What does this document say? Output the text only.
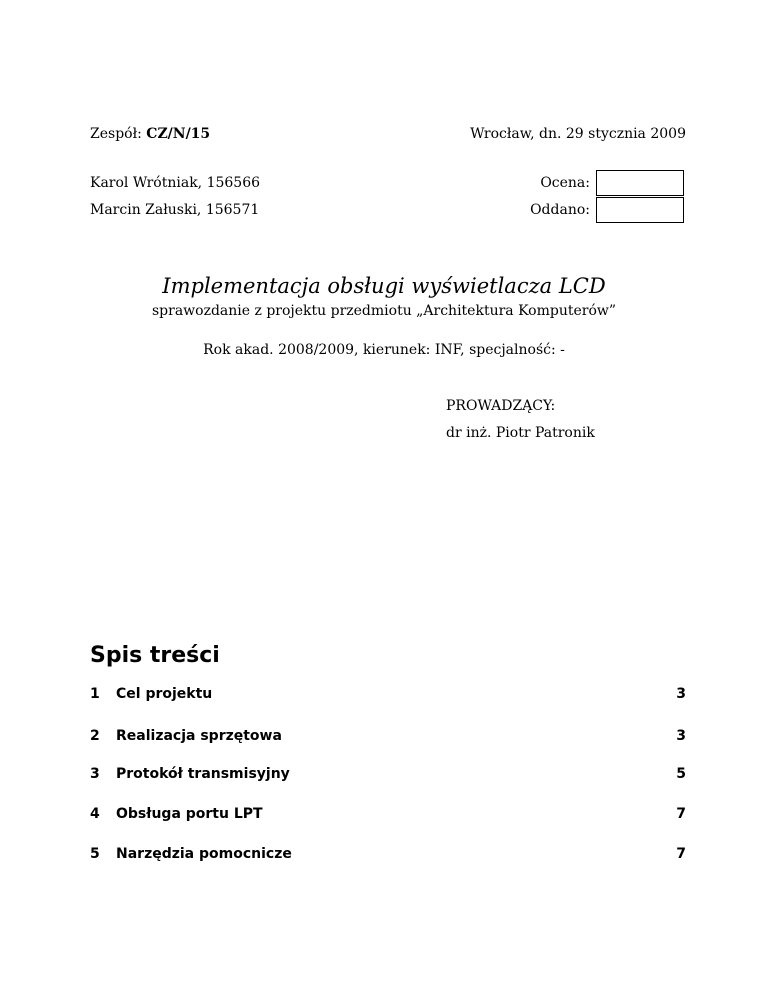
Zespół: CZ/N/15	Wrocław, dn. 29 stycznia 2009
Karol Wrótniak, 156566
Marcin Załuski, 156571
Ocena:
Oddano:
Implementacja obsługi wyświetlacza LCD
sprawozdanie z projektu przedmiotu „Architektura Komputerów”
Rok akad. 2008/2009, kierunek: INF, specjalność: -
PROWADZĄCY:
dr inż. Piotr Patronik
Spis treści
1	Cel projektu	3
2	Realizacja sprzętowa	3
3	Protokół transmisyjny	5
4	Obsługa portu LPT	7
5	Narzędzia pomocnicze	7
